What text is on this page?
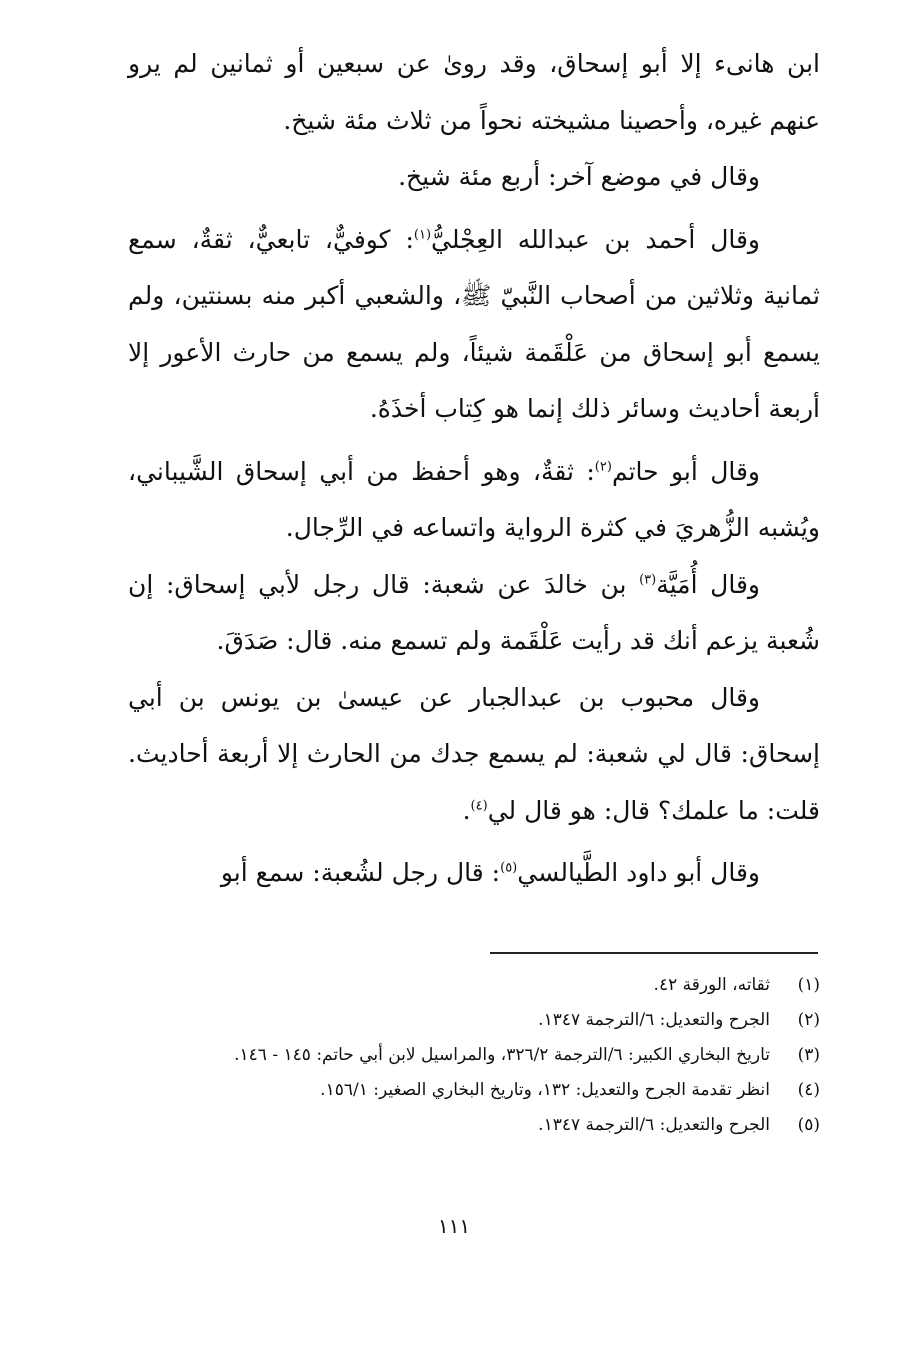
ابن هانىء إلا أبو إسحاق، وقد روىٰ عن سبعين أو ثمانين لم يرو عنهم غيره، وأحصينا مشيخته نحواً من ثلاث مئة شيخ.

وقال في موضع آخر: أربع مئة شيخ.

وقال أحمد بن عبدالله العِجْليُّ$^{(١)}$: كوفيٌّ، تابعيٌّ، ثقةٌ، سمع ثمانية وثلاثين من أصحاب النَّبيّ ﷺ، والشعبي أكبر منه بسنتين، ولم يسمع أبو إسحاق من عَلْقَمة شيئاً، ولم يسمع من حارث الأعور إلا أربعة أحاديث وسائر ذلك إنما هو كِتاب أخذَهُ.

وقال أبو حاتم$^{(٢)}$: ثقةٌ، وهو أحفظ من أبي إسحاق الشَّيباني، ويُشبه الزُّهريَ في كثرة الرواية واتساعه في الرِّجال.

وقال أُمَيَّة$^{(٣)}$ بن خالدَ عن شعبة: قال رجل لأبي إسحاق: إن شُعبة يزعم أنك قد رأيت عَلْقَمة ولم تسمع منه. قال: صَدَقَ.

وقال محبوب بن عبدالجبار عن عيسىٰ بن يونس بن أبي إسحاق: قال لي شعبة: لم يسمع جدك من الحارث إلا أربعة أحاديث. قلت: ما علمك؟ قال: هو قال لي$^{(٤)}$.

وقال أبو داود الطَّيالسي$^{(٥)}$: قال رجل لشُعبة: سمع أبو

(١)
ثقاته، الورقة ٤٢.
(٢)
الجرح والتعديل: ٦/الترجمة ١٣٤٧.
(٣)
تاريخ البخاري الكبير: ٦/الترجمة ٣٢٦/٢، والمراسيل لابن أبي حاتم: ١٤٥ - ١٤٦.
(٤)
انظر تقدمة الجرح والتعديل: ١٣٢، وتاريخ البخاري الصغير: ١٥٦/١.
(٥)
الجرح والتعديل: ٦/الترجمة ١٣٤٧.
١١١
